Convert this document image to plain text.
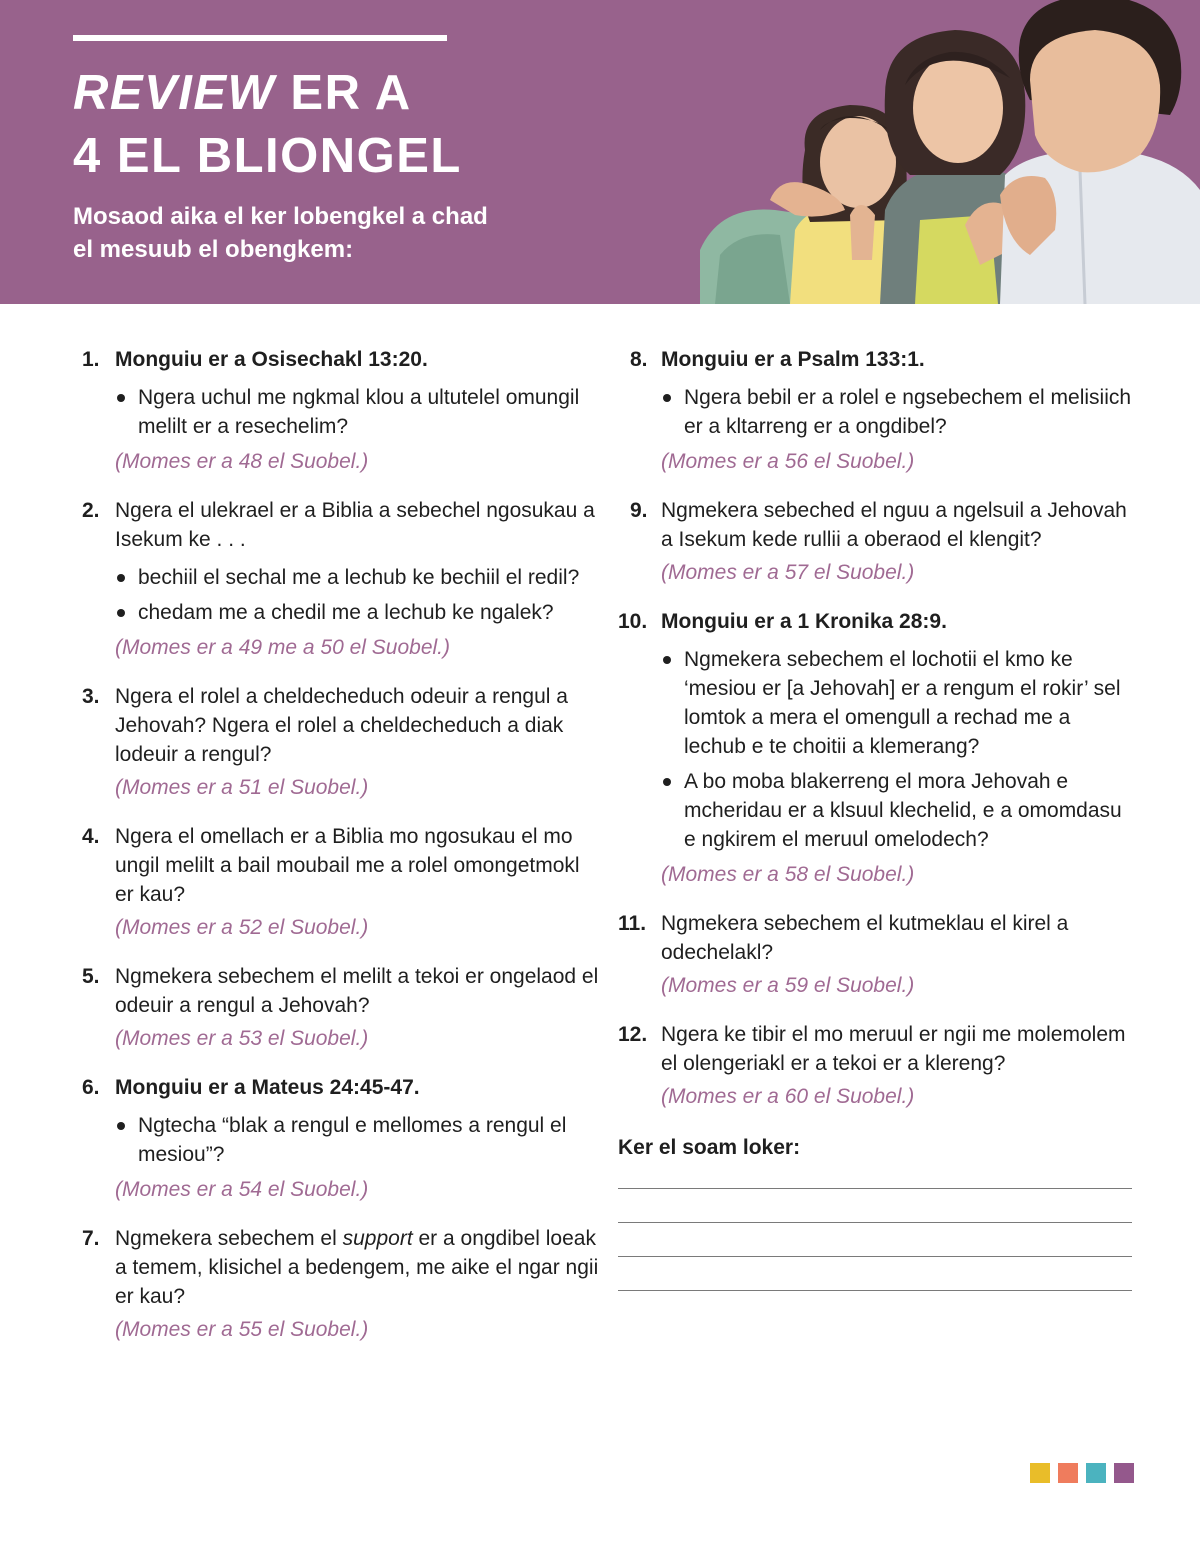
REVIEW ER A
4 EL BLIONGEL

Mosaod aika el ker lobengkel a chad el mesuub el obengkem:

1. Monguiu er a Osisechakl 13:20.
Ngera uchul me ngkmal klou a ultutelel omungil melilt er a resechelim?
(Momes er a 48 el Suobel.)
2. Ngera el ulekrael er a Biblia a sebechel ngosukau a Isekum ke . . .
bechiil el sechal me a lechub ke bechiil el redil?
chedam me a chedil me a lechub ke ngalek?
(Momes er a 49 me a 50 el Suobel.)
3. Ngera el rolel a cheldecheduch odeuir a rengul a Jehovah? Ngera el rolel a cheldecheduch a diak lodeuir a rengul?
(Momes er a 51 el Suobel.)
4. Ngera el omellach er a Biblia mo ngosukau el mo ungil melilt a bail moubail me a rolel omongetmokl er kau?
(Momes er a 52 el Suobel.)
5. Ngmekera sebechem el melilt a tekoi er ongelaod el odeuir a rengul a Jehovah?
(Momes er a 53 el Suobel.)
6. Monguiu er a Mateus 24:45-47.
Ngtecha “blak a rengul e mellomes a rengul el mesiou”?
(Momes er a 54 el Suobel.)
7. Ngmekera sebechem el support er a ongdibel loeak a temem, klisichel a bedengem, me aike el ngar ngii er kau?
(Momes er a 55 el Suobel.)
8. Monguiu er a Psalm 133:1.
Ngera bebil er a rolel e ngsebechem el melisiich er a kltarreng er a ongdibel?
(Momes er a 56 el Suobel.)
9. Ngmekera sebeched el nguu a ngelsuil a Jehovah a Isekum kede rullii a oberaod el klengit?
(Momes er a 57 el Suobel.)
10. Monguiu er a 1 Kronika 28:9.
Ngmekera sebechem el lochotii el kmo ke ‘mesiou er [a Jehovah] er a rengum el rokir’ sel lomtok a mera el omengull a rechad me a lechub e te choitii a klemerang?
A bo moba blakerreng el mora Jehovah e mcheridau er a klsuul klechelid, e a omomdasu e ngkirem el meruul omelodech?
(Momes er a 58 el Suobel.)
11. Ngmekera sebechem el kutmeklau el kirel a odechelakl?
(Momes er a 59 el Suobel.)
12. Ngera ke tibir el mo meruul er ngii me molemolem el olengeriakl er a tekoi er a klereng?
(Momes er a 60 el Suobel.)
Ker el soam loker:
